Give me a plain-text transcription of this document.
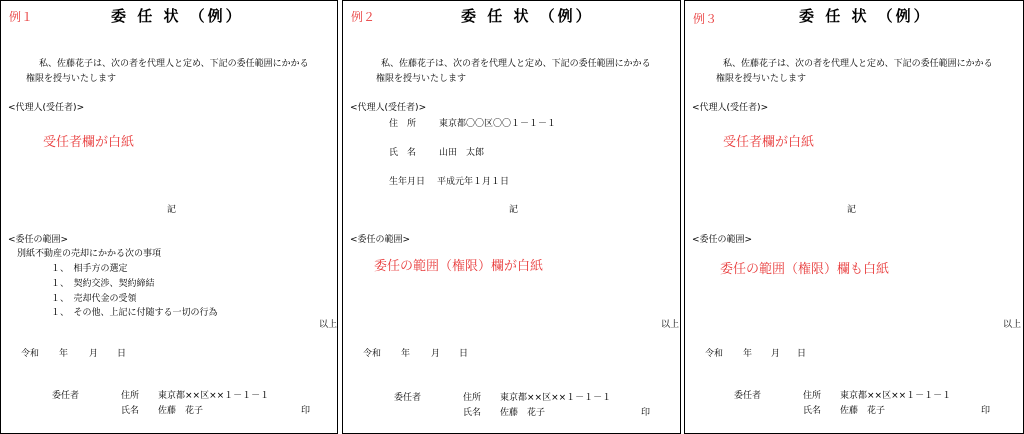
例１	委 任 状 （例）
私、佐藤花子は、次の者を代理人と定め、下記の委任範囲にかかる
権限を授与いたします
<代理人(受任者)>
受任者欄が白紙
記
<委任の範囲>
別紙不動産の売却にかかる次の事項
１、　相手方の選定
１、　契約交渉、契約締結
１、　売却代金の受領
１、　その他、上記に付随する一切の行為
以上
令和 年 月 日
委任者	住所 東京都××区××１－１－１
氏名 佐藤　花子	印
例２	委 任 状 （例）
私、佐藤花子は、次の者を代理人と定め、下記の委任範囲にかかる
権限を授与いたします
<代理人(受任者)>
住　所	東京都〇〇区〇〇１－１－１
氏　名	山田　太郎
生年月日 平成元年１月１日
記
<委任の範囲>
委任の範囲（権限）欄が白紙
以上
令和 年 月 日
委任者	住所 東京都××区××１－１－１
氏名 佐藤　花子	印
例３	委 任 状 （例）
私、佐藤花子は、次の者を代理人と定め、下記の委任範囲にかかる
権限を授与いたします
<代理人(受任者)>
受任者欄が白紙
記
<委任の範囲>
委任の範囲（権限）欄も白紙
以上
令和 年 月 日
委任者	住所 東京都××区××１－１－１
氏名 佐藤　花子	印
